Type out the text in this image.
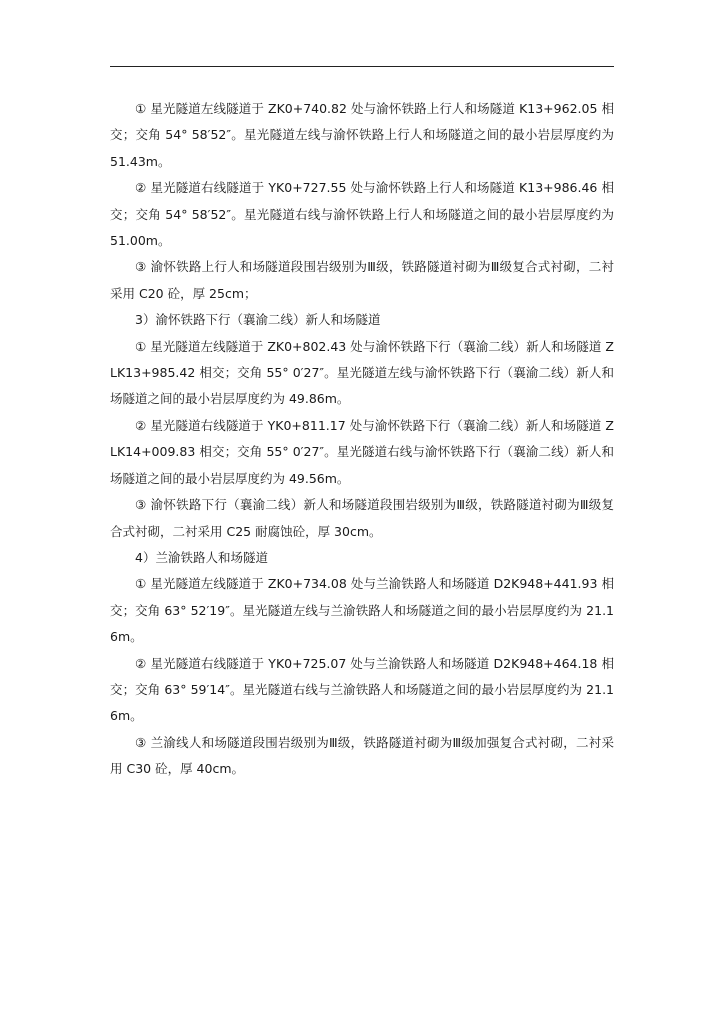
① 星光隧道左线隧道于 ZK0+740.82 处与渝怀铁路上行人和场隧道 K13+962.05 相交；交角 54° 58′52″。星光隧道左线与渝怀铁路上行人和场隧道之间的最小岩层厚度约为 51.43m。

② 星光隧道右线隧道于 YK0+727.55 处与渝怀铁路上行人和场隧道 K13+986.46 相交；交角 54° 58′52″。星光隧道右线与渝怀铁路上行人和场隧道之间的最小岩层厚度约为 51.00m。

③ 渝怀铁路上行人和场隧道段围岩级别为Ⅲ级，铁路隧道衬砌为Ⅲ级复合式衬砌，二衬采用 C20 砼，厚 25cm；

3）渝怀铁路下行（襄渝二线）新人和场隧道

① 星光隧道左线隧道于 ZK0+802.43 处与渝怀铁路下行（襄渝二线）新人和场隧道 ZLK13+985.42 相交；交角 55° 0′27″。星光隧道左线与渝怀铁路下行（襄渝二线）新人和场隧道之间的最小岩层厚度约为 49.86m。

② 星光隧道右线隧道于 YK0+811.17 处与渝怀铁路下行（襄渝二线）新人和场隧道 ZLK14+009.83 相交；交角 55° 0′27″。星光隧道右线与渝怀铁路下行（襄渝二线）新人和场隧道之间的最小岩层厚度约为 49.56m。

③ 渝怀铁路下行（襄渝二线）新人和场隧道段围岩级别为Ⅲ级，铁路隧道衬砌为Ⅲ级复合式衬砌，二衬采用 C25 耐腐蚀砼，厚 30cm。

4）兰渝铁路人和场隧道

① 星光隧道左线隧道于 ZK0+734.08 处与兰渝铁路人和场隧道 D2K948+441.93 相交；交角 63° 52′19″。星光隧道左线与兰渝铁路人和场隧道之间的最小岩层厚度约为 21.16m。

② 星光隧道右线隧道于 YK0+725.07 处与兰渝铁路人和场隧道 D2K948+464.18 相交；交角 63° 59′14″。星光隧道右线与兰渝铁路人和场隧道之间的最小岩层厚度约为 21.16m。

③ 兰渝线人和场隧道段围岩级别为Ⅲ级，铁路隧道衬砌为Ⅲ级加强复合式衬砌，二衬采用 C30 砼，厚 40cm。
